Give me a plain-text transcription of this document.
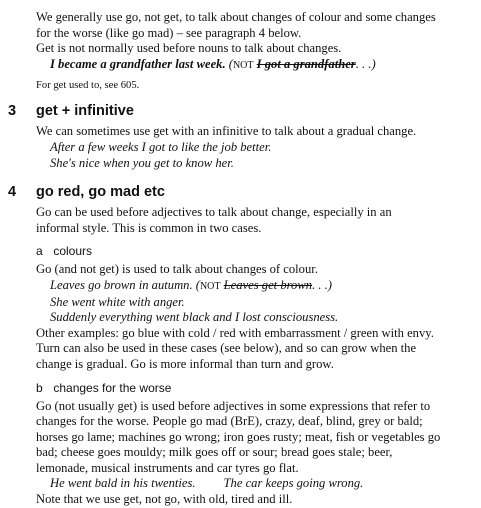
We generally use go, not get, to talk about changes of colour and some changes

for the worse (like go mad) – see paragraph 4 below.

Get is not normally used before nouns to talk about changes.

I became a grandfather last week. (NOT I got a grandfather. . .)

For get used to, see 605.

3	get + infinitive

We can sometimes use get with an infinitive to talk about a gradual change.

After a few weeks I got to like the job better.

She's nice when you get to know her.

4	go red, go mad etc

Go can be used before adjectives to talk about change, especially in an

informal style. This is common in two cases.

a colours

Go (and not get) is used to talk about changes of colour.

Leaves go brown in autumn. (NOT Leaves get brown. . .)

She went white with anger.

Suddenly everything went black and I lost consciousness.

Other examples: go blue with cold / red with embarrassment / green with envy.

Turn can also be used in these cases (see below), and so can grow when the

change is gradual. Go is more informal than turn and grow.

b changes for the worse

Go (not usually get) is used before adjectives in some expressions that refer to

changes for the worse. People go mad (BrE), crazy, deaf, blind, grey or bald;

horses go lame; machines go wrong; iron goes rusty; meat, fish or vegetables go

bad; cheese goes mouldy; milk goes off or sour; bread goes stale; beer,

lemonade, musical instruments and car tyres go flat.

He went bald in his twenties. The car keeps going wrong.

Note that we use get, not go, with old, tired and ill.
